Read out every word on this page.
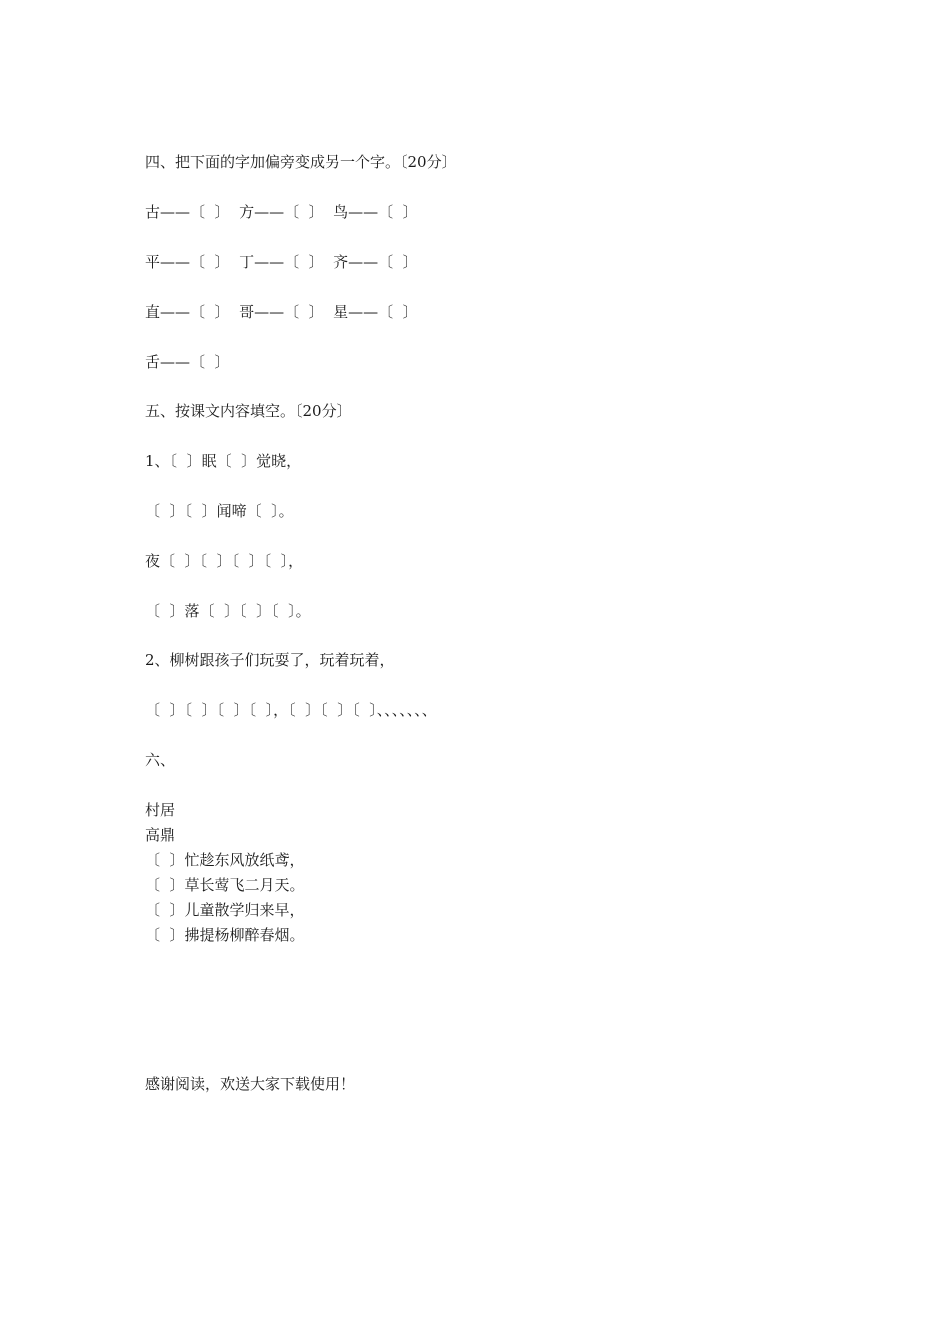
四、把下面的字加偏旁变成另一个字。〔20分〕
古——〔  〕  方——〔  〕  鸟——〔  〕
平——〔  〕  丁——〔  〕  齐——〔  〕
直——〔  〕  哥——〔  〕  星——〔  〕
舌——〔  〕
五、按课文内容填空。〔20分〕
1、〔  〕眠〔  〕觉晓，
〔  〕〔  〕闻啼〔  〕。
夜〔  〕〔  〕〔  〕〔  〕，
〔  〕落〔  〕〔  〕〔  〕。
2、柳树跟孩子们玩耍了，玩着玩着，
〔  〕〔  〕〔  〕〔  〕，〔  〕〔  〕〔  〕、、、、、、、
六、
村居
高鼎
〔  〕忙趁东风放纸鸢，
〔  〕草长莺飞二月天。
〔  〕儿童散学归来早，
〔  〕拂提杨柳醉春烟。
感谢阅读，欢送大家下载使用！
